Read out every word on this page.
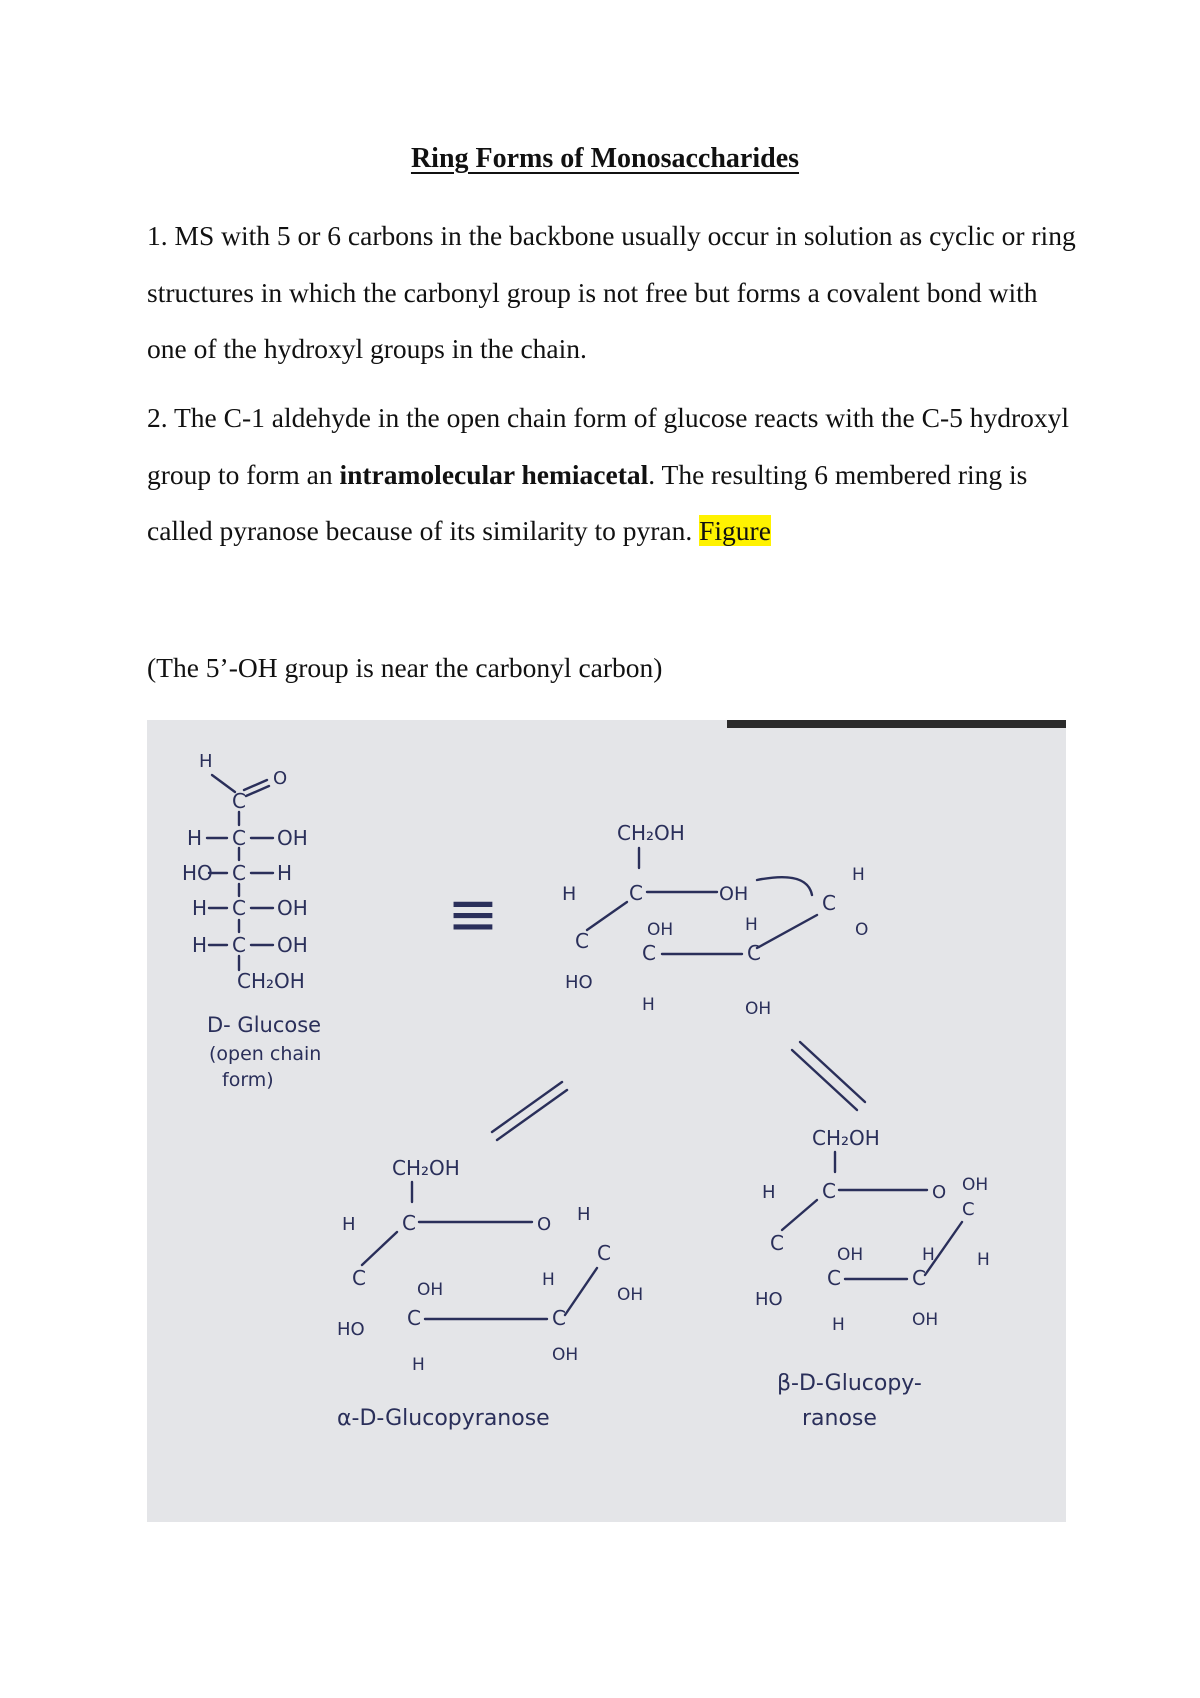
Ring Forms of Monosaccharides
1. MS with 5 or 6 carbons in the backbone usually occur in solution as cyclic or ring structures in which the carbonyl group is not free but forms a covalent bond with one of the hydroxyl groups in the chain.
2. The C-1 aldehyde in the open chain form of glucose reacts with the C-5 hydroxyl group to form an intramolecular hemiacetal. The resulting 6 membered ring is called pyranose because of its similarity to pyran. Figure
(The 5’-OH group is near the carbonyl carbon)
H
C
O
H C OH
HO C H
H C OH
H C OH
CH₂OH
D- Glucose
(open chain
form)
≡
CH₂OH
H	C	OH
C
HO
C
H
OH
C
OH
H
C
H
O
CH₂OH
H C	O H
C
OH
C
HO C
OH
H
C
H
OH
α-D-Glucopyranose
CH₂OH
H C	O
C
OH
H
C
HO
C
OH
H
C
OH
H
β-D-Glucopy-
ranose
